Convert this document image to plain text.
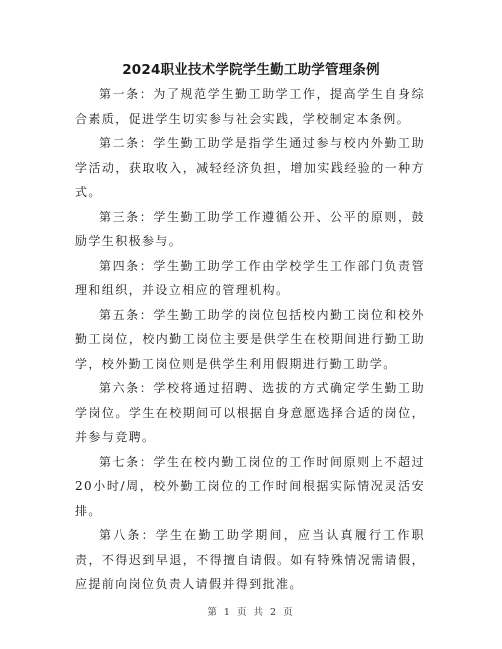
2024职业技术学院学生勤工助学管理条例

第一条：为了规范学生勤工助学工作，提高学生自身综合素质，促进学生切实参与社会实践，学校制定本条例。

第二条：学生勤工助学是指学生通过参与校内外勤工助学活动，获取收入，减轻经济负担，增加实践经验的一种方式。

第三条：学生勤工助学工作遵循公开、公平的原则，鼓励学生积极参与。

第四条：学生勤工助学工作由学校学生工作部门负责管理和组织，并设立相应的管理机构。

第五条：学生勤工助学的岗位包括校内勤工岗位和校外勤工岗位，校内勤工岗位主要是供学生在校期间进行勤工助学，校外勤工岗位则是供学生利用假期进行勤工助学。

第六条：学校将通过招聘、选拔的方式确定学生勤工助学岗位。学生在校期间可以根据自身意愿选择合适的岗位，并参与竞聘。

第七条：学生在校内勤工岗位的工作时间原则上不超过20小时/周，校外勤工岗位的工作时间根据实际情况灵活安排。

第八条：学生在勤工助学期间，应当认真履行工作职责，不得迟到早退，不得擅自请假。如有特殊情况需请假，应提前向岗位负责人请假并得到批准。

第 1 页 共 2 页
